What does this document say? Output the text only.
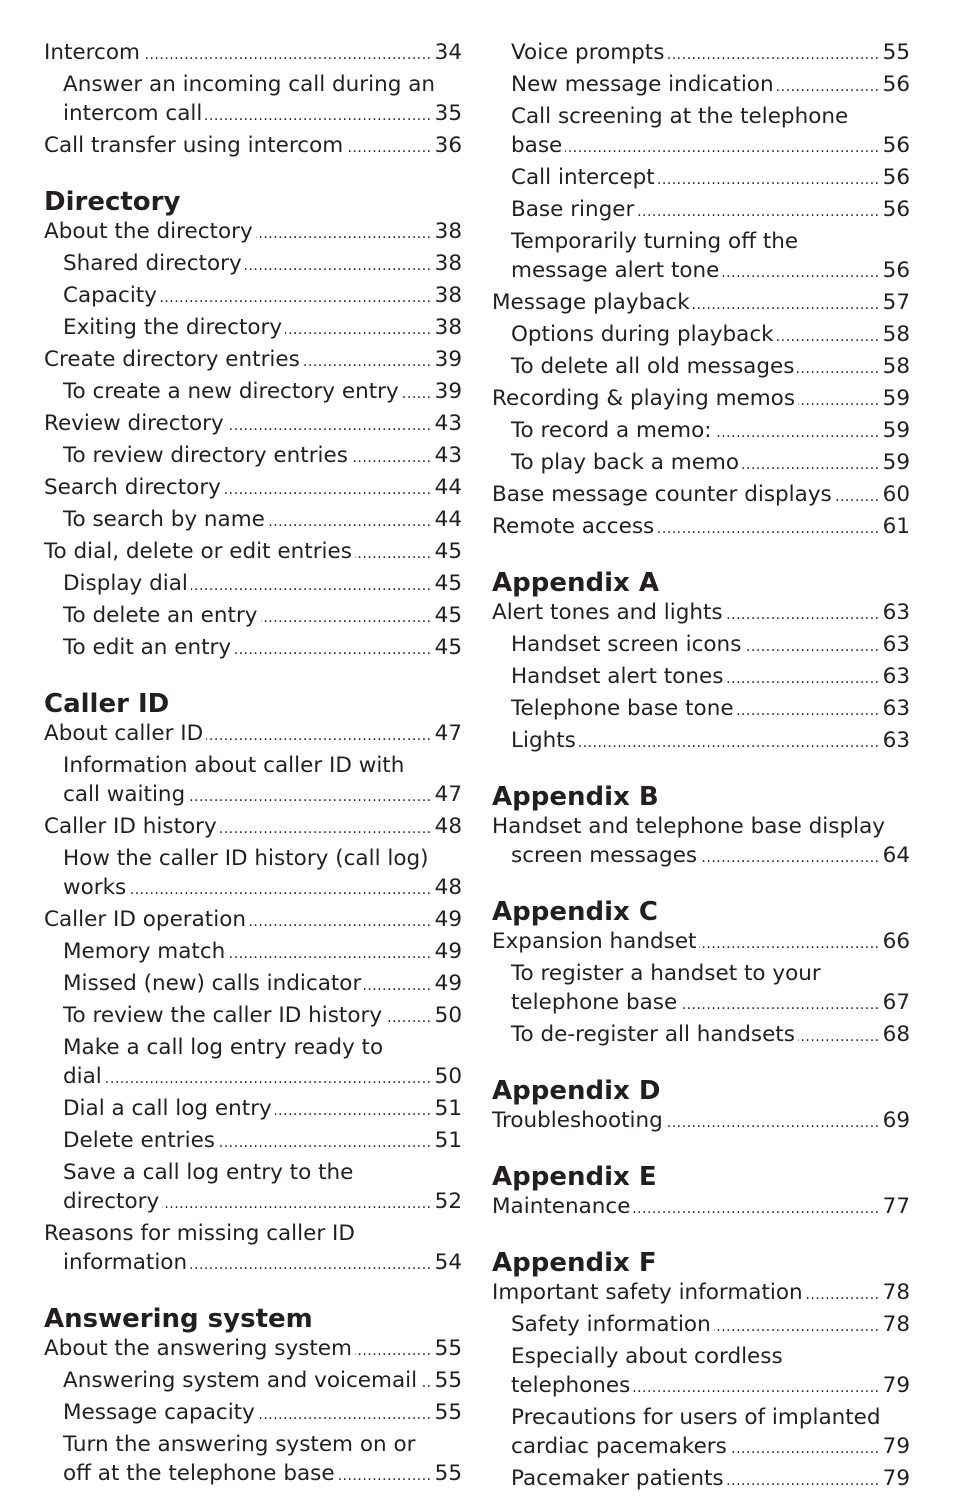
Intercom .....	34
Answer an incoming call during an
intercom call .....	35
Call transfer using intercom .....	36
Directory
About the directory .....	38
Shared directory .....	38
Capacity .....	38
Exiting the directory .....	38
Create directory entries .....	39
To create a new directory entry ..... 39
Review directory .....	43
To review directory entries .....	43
Search directory .....	44
To search by name .....	44
To dial, delete or edit entries .....	45
Display dial .....	45
To delete an entry .....	45
To edit an entry .....	45
Caller ID
About caller ID .....	47
Information about caller ID with
call waiting .....	47
Caller ID history .....	48
How the caller ID history (call log)
works .....	48
Caller ID operation .....	49
Memory match .....	49
Missed (new) calls indicator .....	49
To review the caller ID history ..... 50
Make a call log entry ready to
dial .....	50
Dial a call log entry .....	51
Delete entries .....	51
Save a call log entry to the
directory .....	52
Reasons for missing caller ID
information .....	54
Answering system
About the answering system .....	55
Answering system and voicemail ..... 55
Message capacity .....	55
Turn the answering system on or
off at the telephone base .....	55
Voice prompts .....	55
New message indication .....	56
Call screening at the telephone
base .....	56
Call intercept .....	56
Base ringer .....	56
Temporarily turning off the
message alert tone .....	56
Message playback .....	57
Options during playback .....	58
To delete all old messages .....	58
Recording & playing memos .....	59
To record a memo: .....	59
To play back a memo .....	59
Base message counter displays ..... 60
Remote access .....	61
Appendix A
Alert tones and lights .....	63
Handset screen icons .....	63
Handset alert tones .....	63
Telephone base tone .....	63
Lights .....	63
Appendix B
Handset and telephone base display
screen messages .....	64
Appendix C
Expansion handset .....	66
To register a handset to your
telephone base .....	67
To de-register all handsets .....	68
Appendix D
Troubleshooting .....	69
Appendix E
Maintenance .....	77
Appendix F
Important safety information .....	78
Safety information .....	78
Especially about cordless
telephones .....	79
Precautions for users of implanted
cardiac pacemakers .....	79
Pacemaker patients .....	79
